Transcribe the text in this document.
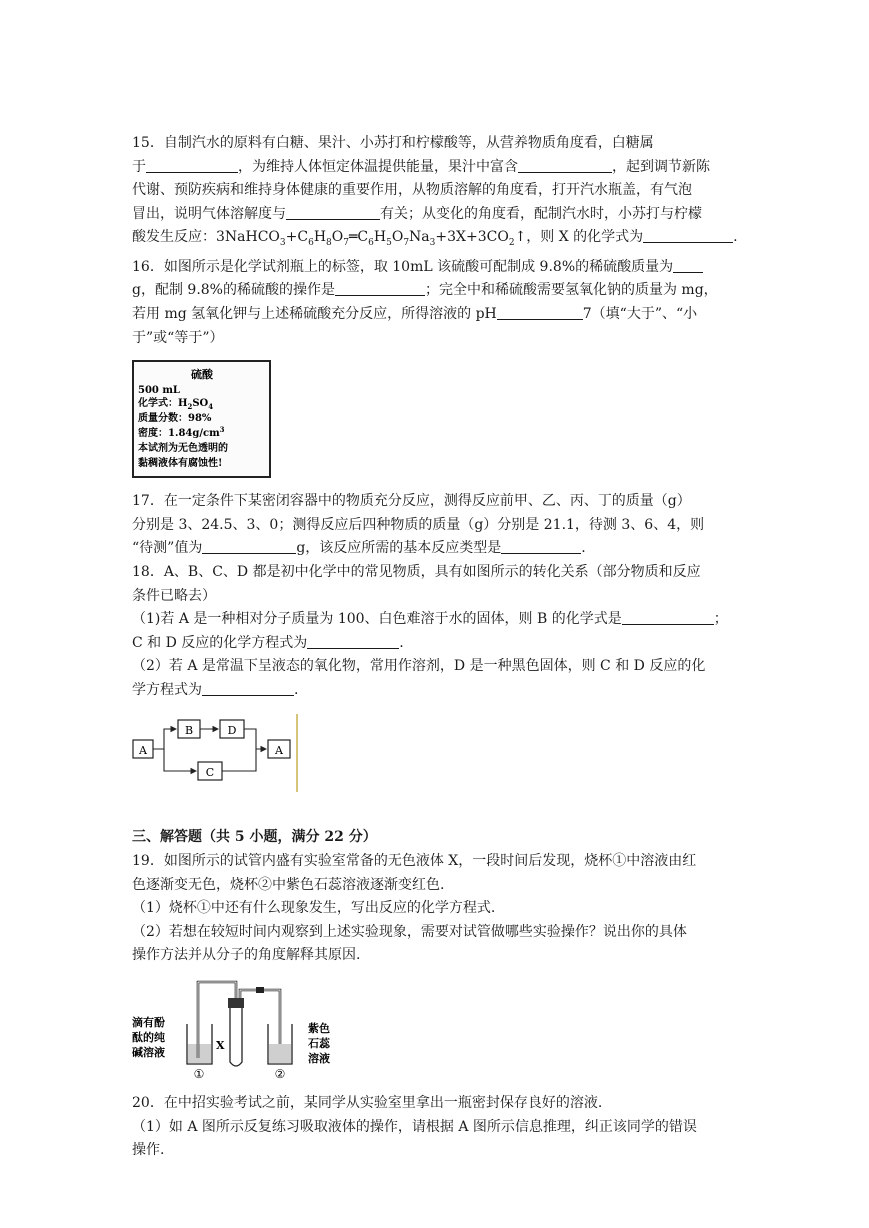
15．自制汽水的原料有白糖、果汁、小苏打和柠檬酸等，从营养物质角度看，白糖属

于	，为维持人体恒定体温提供能量，果汁中富含	，起到调节新陈

代谢、预防疾病和维持身体健康的重要作用，从物质溶解的角度看，打开汽水瓶盖，有气泡

冒出，说明气体溶解度与	有关；从变化的角度看，配制汽水时，小苏打与柠檬

酸发生反应：$3NaHCO_3+C_6H_8O_7═C_6H_5O_7Na_3+3X+3CO_2↑$，则 X 的化学式为	.

16．如图所示是化学试剂瓶上的标签，取 10mL 该硫酸可配制成 9.8%的稀硫酸质量为

g，配制 9.8%的稀硫酸的操作是	；完全中和稀硫酸需要氢氧化钠的质量为 mg，

若用 mg 氢氧化钾与上述稀硫酸充分反应，所得溶液的 pH	7（填“大于”、“小

于”或“等于”）

硫酸
500 mL
化学式：$H_2SO_4$
质量分数：98%
密度：$1.84g/cm^3$
本试剂为无色透明的
黏稠液体有腐蚀性!

17．在一定条件下某密闭容器中的物质充分反应，测得反应前甲、乙、丙、丁的质量（g）

分别是 3、24.5、3、0；测得反应后四种物质的质量（g）分别是 21.1，待测 3、6、4，则

“待测”值为	g，该反应所需的基本反应类型是	.

18．A、B、C、D 都是初中化学中的常见物质，具有如图所示的转化关系（部分物质和反应

条件已略去）

（1)若 A 是一种相对分子质量为 100、白色难溶于水的固体，则 B 的化学式是	；

C 和 D 反应的化学方程式为	.

（2）若 A 是常温下呈液态的氧化物，常用作溶剂，D 是一种黑色固体，则 C 和 D 反应的化

学方程式为	.

A
B	D
C
A

三、解答题（共 5 小题，满分 22 分）

19．如图所示的试管内盛有实验室常备的无色液体 X，一段时间后发现，烧杯①中溶液由红

色逐渐变无色，烧杯②中紫色石蕊溶液逐渐变红色.

（1）烧杯①中还有什么现象发生，写出反应的化学方程式.

（2）若想在较短时间内观察到上述实验现象，需要对试管做哪些实验操作？说出你的具体

操作方法并从分子的角度解释其原因.

滴有酚
酞的纯
碱溶液
①
X
②
紫色
石蕊
溶液

20．在中招实验考试之前，某同学从实验室里拿出一瓶密封保存良好的溶液.

（1）如 A 图所示反复练习吸取液体的操作，请根据 A 图所示信息推理，纠正该同学的错误

操作.
